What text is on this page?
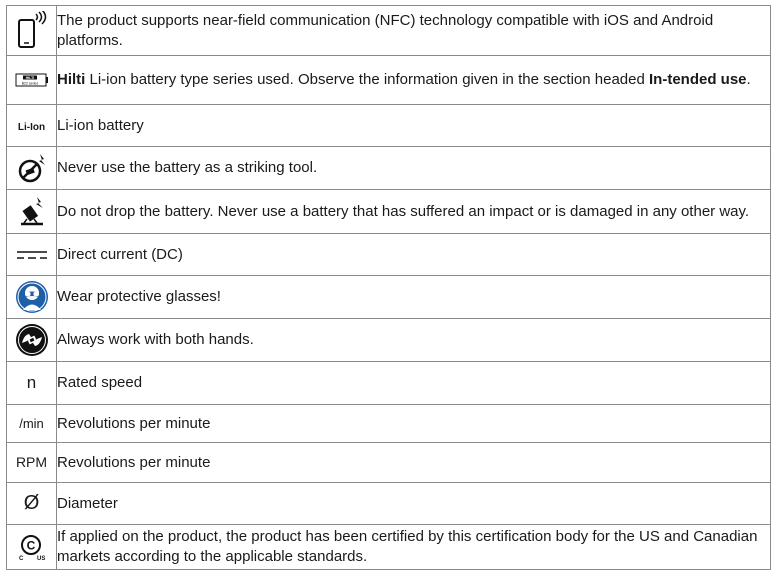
	The product supports near-field communication (NFC) technology compatible with iOS and Android platforms.

HILTI
B22 series	Hilti Li-ion battery type series used. Observe the information given in the section headed In-tended use.
Li-Ion	Li-ion battery

	Never use the battery as a striking tool.

	Do not drop the battery. Never use a battery that has suffered an impact or is damaged in any other way.

	Direct current (DC)

	Wear protective glasses!

	Always work with both hands.
n	Rated speed
/min	Revolutions per minute
RPM	Revolutions per minute
Ø	Diameter

C
C US	If applied on the product, the product has been certified by this certification body for the US and Canadian markets according to the applicable standards.
